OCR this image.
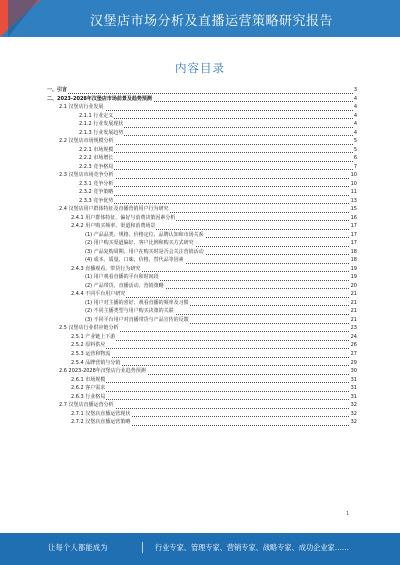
汉堡店市场分析及直播运营策略研究报告
内容目录
一、引言	3
二、2023-2028年汉堡店市场前景及趋势预测	4
2.1 汉堡店行业发展	4
2.1.1 行业定义	4
2.1.2 行业发展现状	4
2.1.3 行业发展趋势	4
2.2 汉堡店市场规模分析	5
2.2.1 市场规模	5
2.2.2 市场增长	6
2.2.3 竞争格局	7
2.3 汉堡店市场竞争分析	10
2.3.1 竞争分析	10
2.3.2 竞争策略	11
2.3.3 竞争优势	13
2.4 汉堡店用户群体特征及直播营销用户行为研究	15
2.4.1 用户群体特征、偏好与消费决策因素分析	16
2.4.2 用户购买频率、渠道和消费场景	17
(1) 产品品类、规格、价格定位、品牌认知和市场关系	17
(2) 用户购买渠道偏好、客户比例和购买方式研究	17
(3) 产品复购周期、用户在购买时是否会关注营销活动	18
(4) 成本、质量、口味、价格、替代品等因素	18
2.4.3 直播观看、带货行为研究	19
(1) 用户观看直播的平台和时间段	19
(2) 产品带货、直播活动、营销策略	20
2.4.4 不同平台用户研究	21
(1) 用户对主播的喜好、观看直播的频率及习惯	21
(2) 不同主播类型与用户购买决策的关联	21
(3) 不同平台用户对直播带货与产品宣传的反馈	21
2.5 汉堡店行业供应链分析	23
2.5.1 产业链上下游	24
2.5.2 原料供应	26
2.5.3 运营和物流	27
2.5.4 品牌营销与分销	29
2.6 2023-2028年汉堡店行业趋势预测	30
2.6.1 市场规模	31
2.6.2 客户需求	31
2.6.3 行业格局	31
2.7 汉堡店直播运营分析	32
2.7.1 汉堡店直播运营现状	32
2.7.2 汉堡店直播运营策略	32
1
让每个人都能成为	行业专家、管理专家、营销专家、战略专家、成功企业家……
